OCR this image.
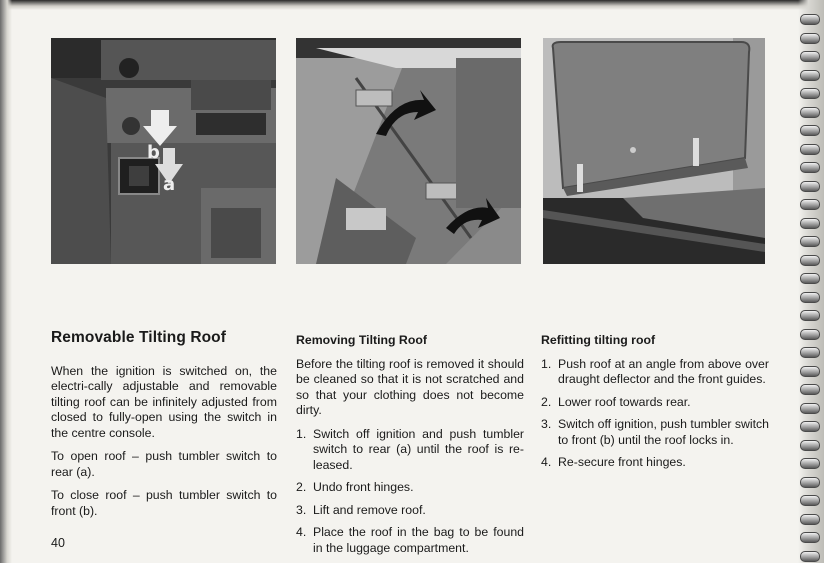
b
a
Removable Tilting Roof

When the ignition is switched on, the electri-cally adjustable and removable tilting roof can be infinitely adjusted from closed to fully-open using the switch in the centre console.

To open roof – push tumbler switch to rear (a).

To close roof – push tumbler switch to front (b).

Removing Tilting Roof

Before the tilting roof is removed it should be cleaned so that it is not scratched and so that your clothing does not become dirty.

1. Switch off ignition and push tumbler switch to rear (a) until the roof is re-leased.
2. Undo front hinges.
3. Lift and remove roof.
4. Place the roof in the bag to be found in the luggage compartment.
Refitting tilting roof
1. Push roof at an angle from above over draught deflector and the front guides.
2. Lower roof towards rear.
3. Switch off ignition, push tumbler switch to front (b) until the roof locks in.
4. Re-secure front hinges.
40
